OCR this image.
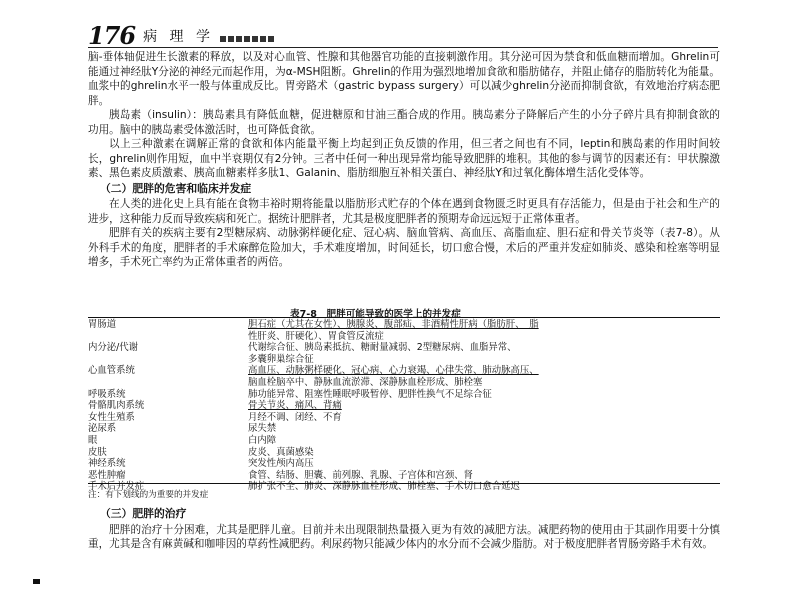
176 病 理 学

脑-垂体轴促进生长激素的释放，以及对心血管、性腺和其他器官功能的直接刺激作用。其分泌可因为禁食和低血糖而增加。Ghrelin可能通过神经肽Y分泌的神经元而起作用，为α-MSH阻断。Ghrelin的作用为强烈地增加食欲和脂肪储存，并阻止储存的脂肪转化为能量。血浆中的ghrelin水平一般与体重成反比。胃旁路术（gastric bypass surgery）可以减少ghrelin分泌而抑制食欲，有效地治疗病态肥胖。

胰岛素（insulin）：胰岛素具有降低血糖，促进糖原和甘油三酯合成的作用。胰岛素分子降解后产生的小分子碎片具有抑制食欲的功用。脑中的胰岛素受体激活时，也可降低食欲。

以上三种激素在调解正常的食欲和体内能量平衡上均起到正负反馈的作用，但三者之间也有不同，leptin和胰岛素的作用时间较长，ghrelin则作用短，血中半衰期仅有2分钟。三者中任何一种出现异常均能导致肥胖的堆积。其他的参与调节的因素还有：甲状腺激素、黑色素皮质激素、胰高血糖素样多肽1、Galanin、脂肪细胞互补相关蛋白、神经肽Y和过氧化酶体增生活化受体等。

（二）肥胖的危害和临床并发症

在人类的进化史上具有能在食物丰裕时期将能量以脂肪形式贮存的个体在遇到食物匮乏时更具有存活能力，但是由于社会和生产的进步，这种能力反而导致疾病和死亡。据统计肥胖者，尤其是极度肥胖者的预期寿命远远短于正常体重者。

肥胖有关的疾病主要有2型糖尿病、动脉粥样硬化症、冠心病、脑血管病、高血压、高脂血症、胆石症和骨关节炎等（表7-8）。从外科手术的角度，肥胖者的手术麻醉危险加大，手术难度增加，时间延长，切口愈合慢，术后的严重并发症如肺炎、感染和栓塞等明显增多，手术死亡率约为正常体重者的两倍。

表7-8　肥胖可能导致的医学上的并发症
胃肠道	胆石症（尤其在女性）、胰腺炎、腹部疝、非酒精性肝病（脂肪肝、　脂
性肝炎、肝硬化）、胃食管反流症
内分泌/代谢	代谢综合征、胰岛素抵抗、糖耐量减弱、2型糖尿病、血脂异常、
多囊卵巢综合征
心血管系统	高血压、动脉粥样硬化、冠心病、心力衰竭、心律失常、肺动脉高压、
脑血栓脑卒中、静脉血流淤滞、深静脉血栓形成、肺栓塞
呼吸系统	肺功能异常、阻塞性睡眠呼吸暂停、肥胖性换气不足综合征
骨骼肌肉系统	骨关节炎、痛风、背痛
女性生殖系	月经不调、闭经、不育
泌尿系	尿失禁
眼	白内障
皮肤	皮炎、真菌感染
神经系统	突发性颅内高压
恶性肿瘤	食管、结肠、胆囊、前列腺、乳腺、子宫体和宫颈、肾
手术后并发症	肺扩张不全、肺炎、深静脉血栓形成、肺栓塞、手术切口愈合延迟
注：有下划线的为重要的并发症
（三）肥胖的治疗

肥胖的治疗十分困难，尤其是肥胖儿童。目前并未出现限制热量摄入更为有效的减肥方法。减肥药物的使用由于其副作用要十分慎重，尤其是含有麻黄碱和咖啡因的草药性减肥药。利尿药物只能减少体内的水分而不会减少脂肪。对于极度肥胖者胃肠旁路手术有效。
